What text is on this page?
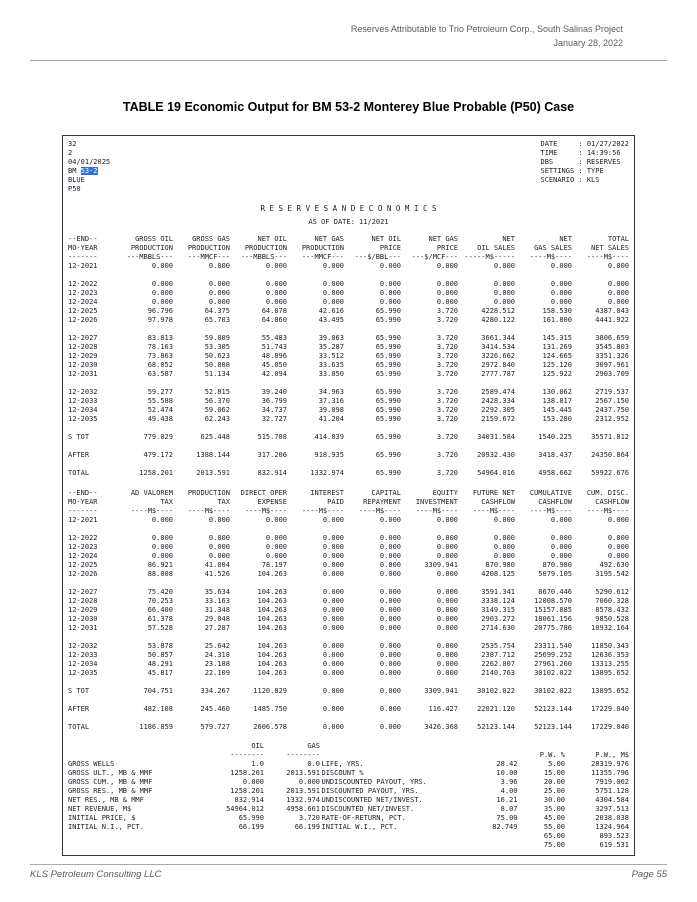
Reserves Attributable to Trio Petroleum Corp., South Salinas Project
January 28, 2022
TABLE 19 Economic Output for BM 53-2 Monterey Blue Probable (P50) Case
32
2
04/01/2025
BM 53-2
BLUE
P50
DATE     : 01/27/2022
TIME     : 14:39:56
DBS      : RESERVES
SETTINGS : TYPE
SCENARIO : KLS
R E S E R V E S A N D E C O N O M I C S
AS OF DATE: 11/2021
--END--	GROSS OIL	GROSS GAS	NET OIL	NET GAS	NET OIL	NET GAS	NET	NET	TOTAL
MO-YEAR	PRODUCTION	PRODUCTION	PRODUCTION	PRODUCTION	PRICE	PRICE	OIL SALES	GAS SALES	NET SALES
-------	---MBBLS---	---MMCF---	---MBBLS---	---MMCF---	---$/BBL---	---$/MCF---	-----M$-----	----M$----	----M$----
12-2021	0.000	0.000	0.000	0.000	0.000	0.000	0.000	0.000	0.000
12-2022	0.000	0.000	0.000	0.000	0.000	0.000	0.000	0.000	0.000
12-2023	0.000	0.000	0.000	0.000	0.000	0.000	0.000	0.000	0.000
12-2024	0.000	0.000	0.000	0.000	0.000	0.000	0.000	0.000	0.000
12-2025	96.796	64.375	64.078	42.616	65.990	3.720	4228.512	158.530	4387.043
12-2026	97.978	65.703	64.860	43.495	65.990	3.720	4280.122	161.800	4441.922
12-2027	83.813	59.009	55.483	39.063	65.990	3.720	3661.344	145.315	3806.659
12-2028	78.163	53.305	51.743	35.287	65.990	3.720	3414.534	131.269	3545.803
12-2029	73.863	50.623	48.896	33.512	65.990	3.720	3226.662	124.665	3351.326
12-2030	68.052	50.808	45.050	33.635	65.990	3.720	2972.840	125.120	3097.961
12-2031	63.587	51.134	42.094	33.850	65.990	3.720	2777.787	125.922	2903.709
12-2032	59.277	52.815	39.240	34.963	65.990	3.720	2589.474	130.062	2719.537
12-2033	55.588	56.370	36.799	37.316	65.990	3.720	2428.334	138.817	2567.150
12-2034	52.474	59.062	34.737	39.098	65.990	3.720	2292.305	145.445	2437.750
12-2035	49.438	62.243	32.727	41.204	65.990	3.720	2159.672	153.280	2312.952
S TOT	779.029	625.448	515.708	414.039	65.990	3.720	34031.584	1540.225	35571.812
AFTER	479.172	1388.144	317.206	918.935	65.990	3.720	20932.430	3418.437	24350.864
TOTAL	1258.201	2013.591	832.914	1332.974	65.990	3.720	54964.016	4958.662	59922.676
--END--	AD VALOREM	PRODUCTION	DIRECT OPER	INTEREST	CAPITAL	EQUITY	FUTURE NET	CUMULATIVE	CUM. DISC.
MO-YEAR	TAX	TAX	EXPENSE	PAID	REPAYMENT	INVESTMENT	CASHFLOW	CASHFLOW	CASHFLOW
-------	----M$----	----M$----	----M$----	----M$----	----M$----	----M$----	----M$----	----M$----	----M$----
12-2021	0.000	0.000	0.000	0.000	0.000	0.000	0.000	0.000	0.000
12-2022	0.000	0.000	0.000	0.000	0.000	0.000	0.000	0.000	0.000
12-2023	0.000	0.000	0.000	0.000	0.000	0.000	0.000	0.000	0.000
12-2024	0.000	0.000	0.000	0.000	0.000	0.000	0.000	0.000	0.000
12-2025	86.921	41.004	78.197	0.000	0.000	3309.941	870.980	870.980	492.630
12-2026	88.008	41.526	104.263	0.000	0.000	0.000	4208.125	5079.105	3195.542
12-2027	75.420	35.634	104.263	0.000	0.000	0.000	3591.341	8670.446	5290.612
12-2028	70.253	33.163	104.263	0.000	0.000	0.000	3338.124	12008.570	7060.328
12-2029	66.400	31.348	104.263	0.000	0.000	0.000	3149.315	15157.885	8578.432
12-2030	61.378	29.048	104.263	0.000	0.000	0.000	2903.272	18061.156	9850.528
12-2031	57.528	27.287	104.263	0.000	0.000	0.000	2714.630	20775.786	10932.164
12-2032	53.878	25.642	104.263	0.000	0.000	0.000	2535.754	23311.540	11850.343
12-2033	50.857	24.318	104.263	0.000	0.000	0.000	2387.712	25699.252	12636.353
12-2034	48.291	23.188	104.263	0.000	0.000	0.000	2262.007	27961.260	13313.255
12-2035	45.817	22.109	104.263	0.000	0.000	0.000	2140.763	30102.022	13895.652
S TOT	704.751	334.267	1120.829	0.000	0.000	3309.941	30102.022	30102.022	13895.652
AFTER	482.108	245.460	1485.750	0.000	0.000	116.427	22021.120	52123.144	17229.040
TOTAL	1186.859	579.727	2606.578	0.000	0.000	3426.368	52123.144	52123.144	17229.040
	OIL	GAS
	--------	--------
GROSS WELLS	1.0	0.0
GROSS ULT., MB & MMF	1258.201	2013.591
GROSS CUM., MB & MMF	0.000	0.000
GROSS RES., MB & MMF	1258.201	2013.591
NET RES., MB & MMF	832.914	1332.974
NET REVENUE, M$	54964.012	4958.661
INITIAL PRICE, $	65.990	3.720
INITIAL N.I., PCT.	66.199	66.199
LIFE, YRS.	28.42
DISCOUNT %	10.00
UNDISCOUNTED PAYOUT, YRS.	3.96
DISCOUNTED PAYOUT, YRS.	4.00
UNDISCOUNTED NET/INVEST.	16.21
DISCOUNTED NET/INVEST.	8.07
RATE-OF-RETURN, PCT.	75.00
INITIAL W.I., PCT.	82.749
P.W. %	P.W., M$
5.00	28319.976
15.00	11355.796
20.00	7919.062
25.00	5751.128
30.00	4304.584
35.00	3297.513
45.00	2038.038
55.00	1324.964
65.00	893.523
75.00	619.531
KLS Petroleum Consulting LLC	Page 55
